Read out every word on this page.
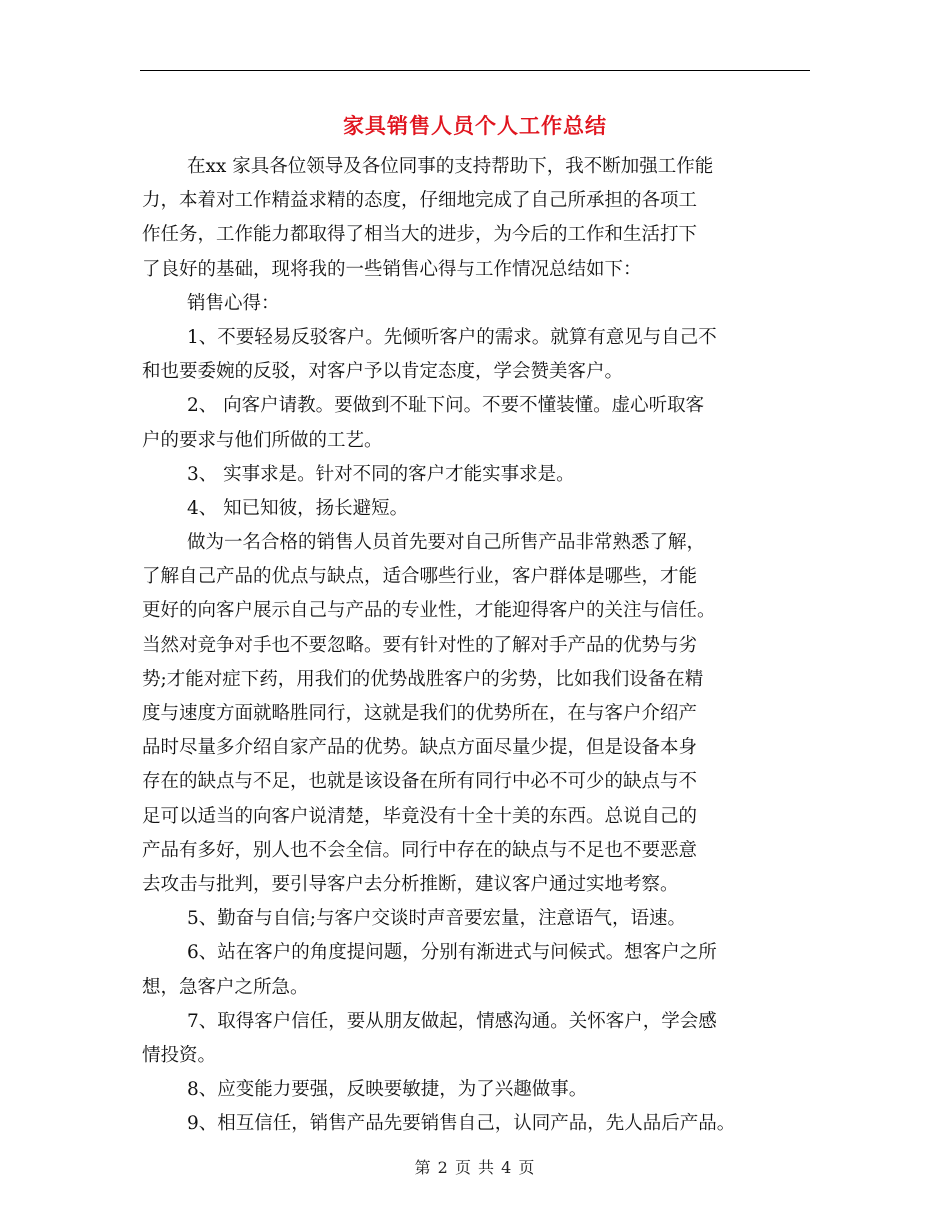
家具销售人员个人工作总结
在xx 家具各位领导及各位同事的支持帮助下，我不断加强工作能
力，本着对工作精益求精的态度，仔细地完成了自己所承担的各项工
作任务，工作能力都取得了相当大的进步，为今后的工作和生活打下
了良好的基础，现将我的一些销售心得与工作情况总结如下：
销售心得：
1、不要轻易反驳客户。先倾听客户的需求。就算有意见与自己不
和也要委婉的反驳，对客户予以肯定态度，学会赞美客户。
2、 向客户请教。要做到不耻下问。不要不懂装懂。虚心听取客
户的要求与他们所做的工艺。
3、 实事求是。针对不同的客户才能实事求是。
4、 知已知彼，扬长避短。
做为一名合格的销售人员首先要对自己所售产品非常熟悉了解，
了解自己产品的优点与缺点，适合哪些行业，客户群体是哪些，才能
更好的向客户展示自己与产品的专业性，才能迎得客户的关注与信任。
当然对竞争对手也不要忽略。要有针对性的了解对手产品的优势与劣
势;才能对症下药，用我们的优势战胜客户的劣势，比如我们设备在精
度与速度方面就略胜同行，这就是我们的优势所在，在与客户介绍产
品时尽量多介绍自家产品的优势。缺点方面尽量少提，但是设备本身
存在的缺点与不足，也就是该设备在所有同行中必不可少的缺点与不
足可以适当的向客户说清楚，毕竟没有十全十美的东西。总说自己的
产品有多好，别人也不会全信。同行中存在的缺点与不足也不要恶意
去攻击与批判，要引导客户去分析推断，建议客户通过实地考察。
5、勤奋与自信;与客户交谈时声音要宏量，注意语气，语速。
6、站在客户的角度提问题，分别有渐进式与问候式。想客户之所
想，急客户之所急。
7、取得客户信任，要从朋友做起，情感沟通。关怀客户，学会感
情投资。
8、应变能力要强，反映要敏捷，为了兴趣做事。
9、相互信任，销售产品先要销售自己，认同产品，先人品后产品。
第 2 页 共 4 页
